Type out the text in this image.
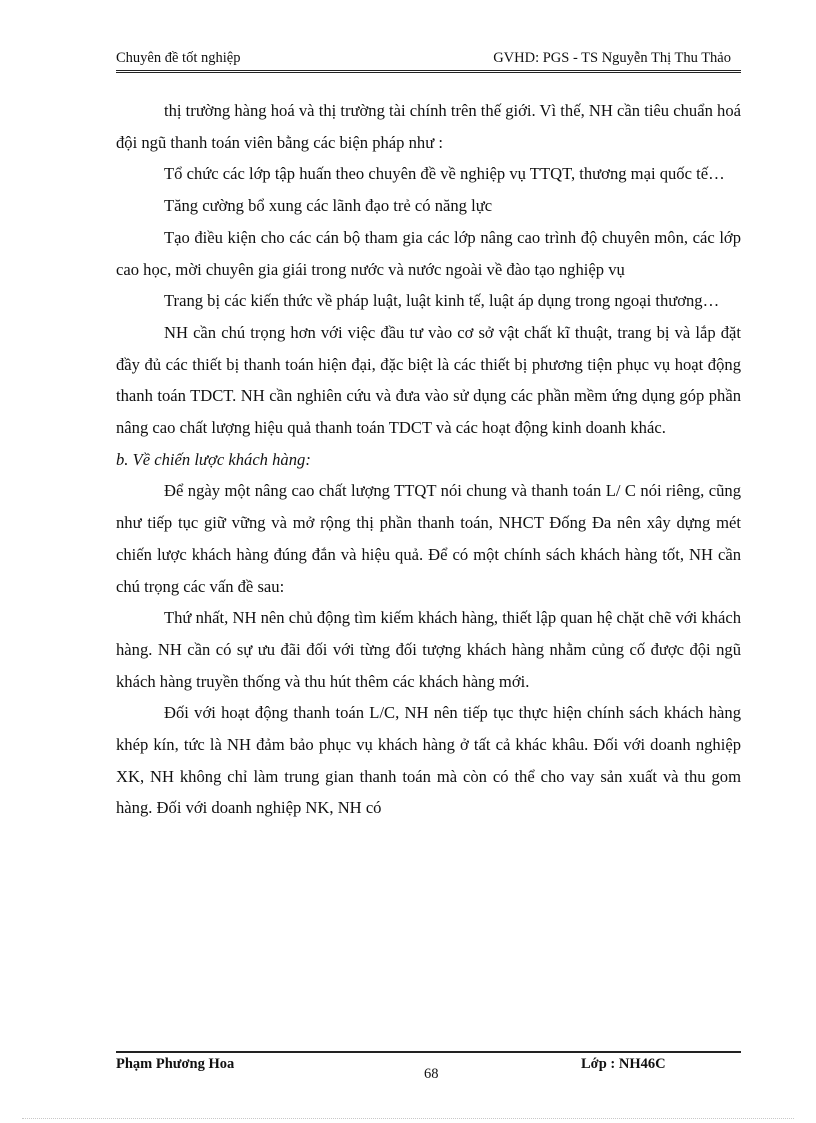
Chuyên đề tốt nghiệp	GVHD: PGS - TS Nguyễn Thị Thu Thảo

thị trường hàng hoá và thị trường tài chính trên thế giới. Vì thế, NH cần tiêu chuẩn hoá đội ngũ thanh toán viên bằng các biện pháp như :

Tổ chức các lớp tập huấn theo chuyên đề về nghiệp vụ TTQT, thương mại quốc tế…

Tăng cường bổ xung các lãnh đạo trẻ có năng lực

Tạo điều kiện cho các cán bộ tham gia các lớp nâng cao trình độ chuyên môn, các lớp cao học, mời chuyên gia giái trong nước và nước ngoài về đào tạo nghiệp vụ

Trang bị các kiến thức về pháp luật, luật kinh tế, luật áp dụng trong ngoại thương…

NH cần chú trọng hơn với việc đầu tư vào cơ sở vật chất kĩ thuật, trang bị và lắp đặt đầy đủ các thiết bị thanh toán hiện đại, đặc biệt là các thiết bị phương tiện phục vụ hoạt động thanh toán TDCT. NH cần nghiên cứu và đưa vào sử dụng các phần mềm ứng dụng góp phần nâng cao chất lượng hiệu quả thanh toán TDCT và các hoạt động kinh doanh khác.

b. Về chiến lược khách hàng:

Để ngày một nâng cao chất lượng TTQT nói chung và thanh toán L/ C nói riêng, cũng như tiếp tục giữ vững và mở rộng thị phần thanh toán, NHCT Đống Đa nên xây dựng mét chiến lược khách hàng đúng đắn và hiệu quả. Để có một chính sách khách hàng tốt, NH cần chú trọng các vấn đề sau:

Thứ nhất, NH nên chủ động tìm kiếm khách hàng, thiết lập quan hệ chặt chẽ với khách hàng. NH cần có sự ưu đãi đối với từng đối tượng khách hàng nhằm củng cố được đội ngũ khách hàng truyền thống và thu hút thêm các khách hàng mới.

Đối với hoạt động thanh toán L/C, NH nên tiếp tục thực hiện chính sách khách hàng khép kín, tức là NH đảm bảo phục vụ khách hàng ở tất cả khác khâu. Đối với doanh nghiệp XK, NH không chỉ làm trung gian thanh toán mà còn có thể cho vay sản xuất và thu gom hàng. Đối với doanh nghiệp NK, NH có

Phạm Phương Hoa
68
Lớp : NH46C
